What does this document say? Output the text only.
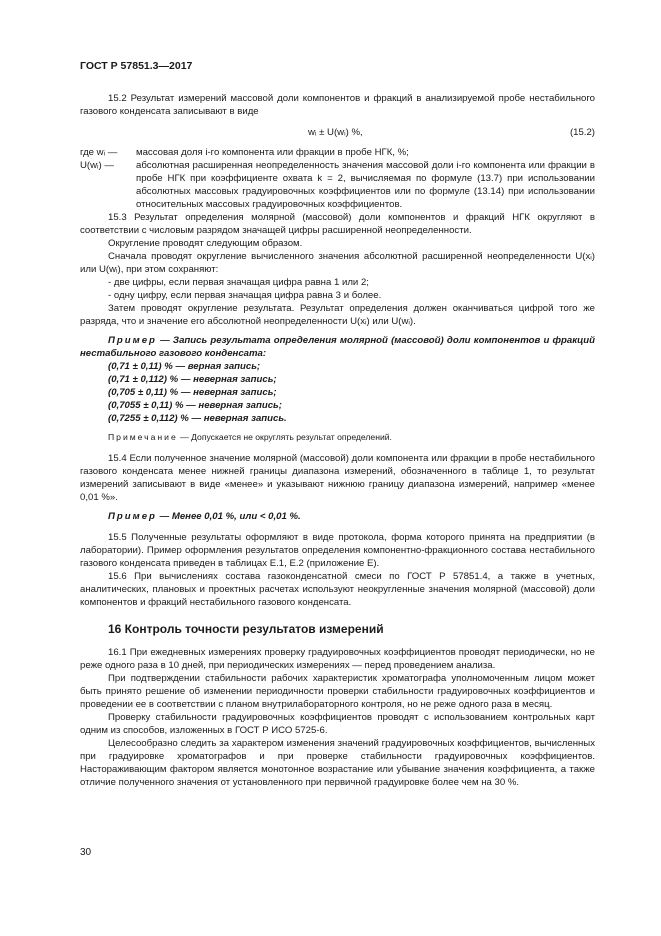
ГОСТ Р 57851.3—2017

15.2 Результат измерений массовой доли компонентов и фракций в анализируемой пробе нестабильного газового конденсата записывают в виде

wᵢ ± U(wᵢ) %,	(15.2)
где wᵢ —	массовая доля i-го компонента или фракции в пробе НГК, %;
U(wᵢ) —	абсолютная расширенная неопределенность значения массовой доли i-го компонента или фракции в пробе НГК при коэффициенте охвата k = 2, вычисляемая по формуле (13.7) при использовании абсолютных массовых градуировочных коэффициентов или по формуле (13.14) при использовании относительных массовых градуировочных коэффициентов.

15.3 Результат определения молярной (массовой) доли компонентов и фракций НГК округляют в соответствии с числовым разрядом значащей цифры расширенной неопределенности.

Округление проводят следующим образом.

Сначала проводят округление вычисленного значения абсолютной расширенной неопределенности U(xᵢ) или U(wᵢ), при этом сохраняют:

- две цифры, если первая значащая цифра равна 1 или 2;

- одну цифру, если первая значащая цифра равна 3 и более.

Затем проводят округление результата. Результат определения должен оканчиваться цифрой того же разряда, что и значение его абсолютной неопределенности U(xᵢ) или U(wᵢ).

Пример — Запись результата определения молярной (массовой) доли компонентов и фракций нестабильного газового конденсата:

(0,71 ± 0,11) % — верная запись;
(0,71 ± 0,112) % — неверная запись;
(0,705 ± 0,11) % — неверная запись;
(0,7055 ± 0,11) % — неверная запись;
(0,7255 ± 0,112) % — неверная запись.

Примечание — Допускается не округлять результат определений.

15.4 Если полученное значение молярной (массовой) доли компонента или фракции в пробе нестабильного газового конденсата менее нижней границы диапазона измерений, обозначенного в таблице 1, то результат измерений записывают в виде «менее» и указывают нижнюю границу диапазона измерений, например «менее 0,01 %».

Пример — Менее 0,01 %, или < 0,01 %.

15.5 Полученные результаты оформляют в виде протокола, форма которого принята на предприятии (в лаборатории). Пример оформления результатов определения компонентно-фракционного состава нестабильного газового конденсата приведен в таблицах Е.1, Е.2 (приложение Е).

15.6 При вычислениях состава газоконденсатной смеси по ГОСТ Р 57851.4, а также в учетных, аналитических, плановых и проектных расчетах используют неокругленные значения молярной (массовой) доли компонентов и фракций нестабильного газового конденсата.

16 Контроль точности результатов измерений

16.1 При ежедневных измерениях проверку градуировочных коэффициентов проводят периодически, но не реже одного раза в 10 дней, при периодических измерениях — перед проведением анализа.

При подтверждении стабильности рабочих характеристик хроматографа уполномоченным лицом может быть принято решение об изменении периодичности проверки стабильности градуировочных коэффициентов и проведении ее в соответствии с планом внутрилабораторного контроля, но не реже одного раза в месяц.

Проверку стабильности градуировочных коэффициентов проводят с использованием контрольных карт одним из способов, изложенных в ГОСТ Р ИСО 5725-6.

Целесообразно следить за характером изменения значений градуировочных коэффициентов, вычисленных при градуировке хроматографов и при проверке стабильности градуировочных коэффициентов. Настораживающим фактором является монотонное возрастание или убывание значения коэффициента, а также отличие полученного значения от установленного при первичной градуировке более чем на 30 %.

30
